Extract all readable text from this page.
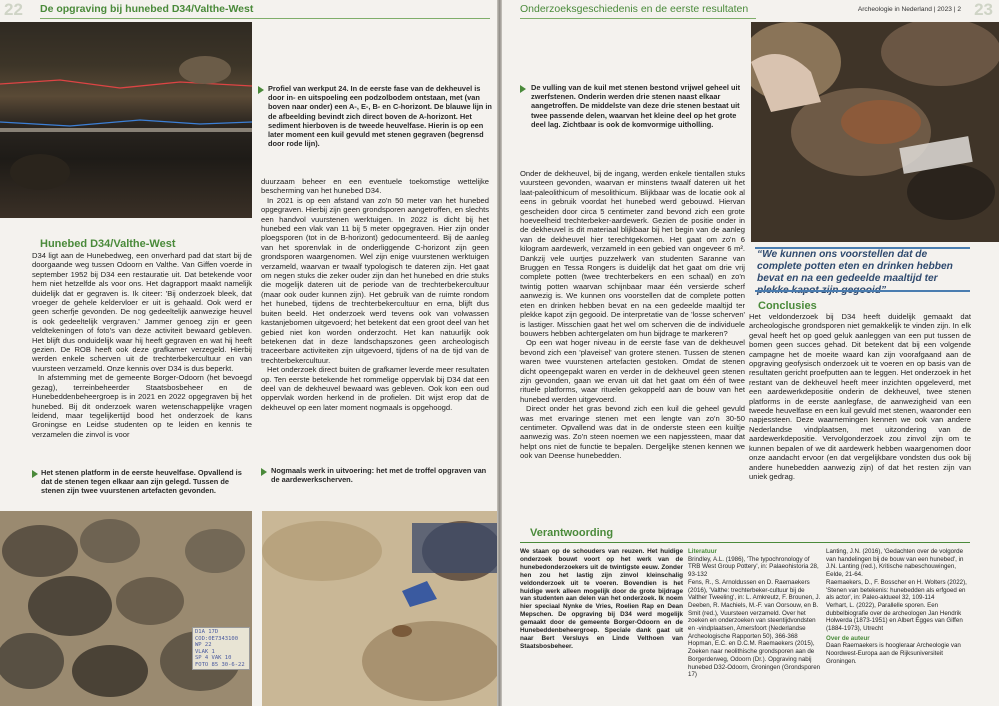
22 De opgraving bij hunebed D34/Valthe-West
Profiel van werkput 24. In de eerste fase van de dekheuvel is door in- en uitspoeling een podzolbodem ontstaan, met (van boven naar onder) een A-, E-, B- en C-horizont. De blauwe lijn in de afbeelding bevindt zich direct boven de A-horizont. Het sediment hierboven is de tweede heuvelfase. Hierin is op een later moment een kuil gevuld met stenen gegraven (begrensd door rode lijn).
Hunebed D34/Valthe-West

D34 ligt aan de Hunebedweg, een onverhard pad dat start bij de doorgaande weg tussen Odoorn en Valthe. Van Giffen voerde in september 1952 bij D34 een restauratie uit. Dat betekende voor hem niet hetzelfde als voor ons. Het dagrapport maakt namelijk duidelijk dat er gegraven is. Ik citeer: 'Bij onderzoek bleek, dat vroeger de gehele keldervloer er uit is gehaald. Ook werd er geen scherfje gevonden. De nog gedeeltelijk aanwezige heuvel is ook gedeeltelijk vergraven.' Jammer genoeg zijn er geen veldtekeningen of foto's van deze activiteit bewaard gebleven. Het blijft dus onduidelijk waar hij heeft gegraven en wat hij heeft gezien. De ROB heeft ook deze grafkamer verzegeld. Hierbij werden enkele scherven uit de trechterbekercultuur en van vuursteen verzameld. Onze kennis over D34 is dus beperkt.

In afstemming met de gemeente Borger-Odoorn (het bevoegd gezag), terreinbeheerder Staatsbosbeheer en de Hunebeddenbeheergroep is in 2021 en 2022 opgegraven bij het hunebed. Bij dit onderzoek waren wetenschappelijke vragen leidend, maar tegelijkertijd bood het onderzoek de kans Groningse en Leidse studenten op te leiden en kennis te verzamelen die zinvol is voor

duurzaam beheer en een eventuele toekomstige wettelijke bescherming van het hunebed D34.

In 2021 is op een afstand van zo'n 50 meter van het hunebed opgegraven. Hierbij zijn geen grondsporen aangetroffen, en slechts een handvol vuurstenen werktuigen. In 2022 is dicht bij het hunebed een vlak van 11 bij 5 meter opgegraven. Hier zijn onder ploegsporen (tot in de B-horizont) gedocumenteerd. Bij de aanleg van het sporenvlak in de onderliggende C-horizont zijn geen grondsporen waargenomen. Wel zijn enige vuurstenen werktuigen verzameld, waarvan er twaalf typologisch te dateren zijn. Het gaat om negen stuks die zeker ouder zijn dan het hunebed en drie stuks die mogelijk dateren uit de periode van de trechterbekercultuur (maar ook ouder kunnen zijn). Het gebruik van de ruimte rondom het hunebed, tijdens de trechterbekercultuur en erna, blijft dus buiten beeld. Het onderzoek werd tevens ook van volwassen kastanjebomen uitgevoerd; het betekent dat een groot deel van het gebied niet kon worden onderzocht. Het kan natuurlijk ook betekenen dat in deze landschapszones geen archeologisch traceerbare activiteiten zijn uitgevoerd, tijdens of na de tijd van de trechterbekercultuur.

Het onderzoek direct buiten de grafkamer leverde meer resultaten op. Ten eerste betekende het rommelige oppervlak bij D34 dat een deel van de dekheuvel bewaard was gebleven. Ook kon een oud oppervlak worden herkend in de profielen. Dit wijst erop dat de dekheuvel op een later moment nogmaals is opgehoogd.

Het stenen platform in de eerste heuvelfase. Opvallend is dat de stenen tegen elkaar aan zijn gelegd. Tussen de stenen zijn twee vuurstenen artefacten gevonden.
Nogmaals werk in uitvoering: het met de troffel opgraven van de aardewerkscherven.
D1A 17D
COD:0E7343100
WP 22
VLAK 1
SP 4 VAK 10
FOTO 85 30-6-22
Onderzoeksgeschiedenis en de eerste resultaten	Archeologie in Nederland | 2023 | 2 23
De vulling van de kuil met stenen bestond vrijwel geheel uit zwerfstenen. Onderin werden drie stenen naast elkaar aangetroffen. De middelste van deze drie stenen bestaat uit twee passende delen, waarvan het kleine deel op het grote deel lag. Zichtbaar is ook de komvormige uitholling.

Onder de dekheuvel, bij de ingang, werden enkele tientallen stuks vuursteen gevonden, waarvan er minstens twaalf dateren uit het laat-paleolithicum of mesolithicum. Blijkbaar was de locatie ook al eens in gebruik voordat het hunebed werd gebouwd. Hiervan gescheiden door circa 5 centimeter zand bevond zich een grote hoeveelheid trechterbeker-aardewerk. Gezien de positie onder in de dekheuvel is dit materiaal blijkbaar bij het begin van de aanleg van de dekheuvel hier terechtgekomen. Het gaat om zo'n 6 kilogram aardewerk, verzameld in een gebied van ongeveer 6 m². Dankzij vele uurtjes puzzelwerk van studenten Saranne van Bruggen en Tessa Rongers is duidelijk dat het gaat om drie vrij complete potten (twee trechterbekers en een schaal) en zo'n twintig potten waarvan schijnbaar maar één versierde scherf aanwezig is. We kunnen ons voorstellen dat de complete potten eten en drinken hebben bevat en na een gedeelde maaltijd ter plekke kapot zijn gegooid. De interpretatie van de 'losse scherven' is lastiger. Misschien gaat het wel om scherven die de individuele bouwers hebben achtergelaten om hun bijdrage te markeren?

Op een wat hoger niveau in de eerste fase van de dekheuvel bevond zich een 'plaveisel' van grotere stenen. Tussen de stenen waren twee vuurstenen artefacten gestoken. Omdat de stenen dicht opeengepakt waren en verder in de dekheuvel geen stenen zijn gevonden, gaan we ervan uit dat het gaat om één of twee rituele platforms, waar rituelen gekoppeld aan de bouw van het hunebed werden uitgevoerd.

Direct onder het gras bevond zich een kuil die geheel gevuld was met ervaringe stenen met een lengte van zo'n 30-50 centimeter. Opvallend was dat in de onderste steen een kuiltje aanwezig was. Zo'n steen noemen we een napjessteen, maar dat helpt ons niet de functie te bepalen. Dergelijke stenen kennen we ook van Deense hunebedden.

“We kunnen ons voorstellen dat de complete potten eten en drinken hebben bevat en na een gedeelde maaltijd ter
Conclusies

Het veldonderzoek bij D34 heeft duidelijk gemaakt dat archeologische grondsporen niet gemakkelijk te vinden zijn. In elk geval heeft het op goed geluk aanleggen van een put tussen de bomen geen succes gehad. Dit betekent dat bij een volgende campagne het de moeite waard kan zijn voorafgaand aan de opgraving geofysisch onderzoek uit te voeren en op basis van de resultaten gericht proefputten aan te leggen. Het onderzoek in het restant van de dekheuvel heeft meer inzichten opgeleverd, met een aardewerkdepositie onderin de dekheuvel, twee stenen platforms in de eerste aanlegfase, de aanwezigheid van een tweede heuvelfase en een kuil gevuld met stenen, waaronder een napjessteen. Deze waarnemingen kennen we ook van andere Nederlandse vindplaatsen, met uitzondering van de aardewerkdepositie. Vervolgonderzoek zou zinvol zijn om te kunnen bepalen of we dit aardewerk hebben waargenomen door onze aandacht ervoor (en dat vergelijkbare vondsten dus ook bij andere hunebedden aanwezig zijn) of dat het resten zijn van uniek gedrag.

Verantwoording
We staan op de schouders van reuzen. Het huidige onderzoek bouwt voort op het werk van de hunebedonderzoekers uit de twintigste eeuw. Zonder hen zou het lastig zijn zinvol kleinschalig veldonderzoek uit te voeren. Bovendien is het huidige werk alleen mogelijk door de grote bijdrage van studenten aan delen van het onderzoek. Ik noem hier speciaal Nynke de Vries, Roelien Rap en Dean Mepschen. De opgraving bij D34 werd mogelijk gemaakt door de gemeente Borger-Odoorn en de Hunebeddenbeheergroep. Speciale dank gaat uit naar Bert Versluys en Linde Velthoen van Staatsbosbeheer.
Literatuur
Brindley, A.L. (1986), 'The typochronology of TRB West Group Pottery', in: Palaeohistoria 28, 93-132
Fens, R., S. Arnoldussen en D. Raemaekers (2016), 'Valthe: trechterbeker-cultuur bij de Valther Tweeling', in: L. Amkreutz, F. Brounen, J. Deeben, R. Machiels, M.-F. van Oorsouw, en B. Smit (red.), Vuursteen verzameld. Over het zoeken en onderzoeken van steentijdvondsten en -vindplaatsen, Amersfoort (Nederlandse Archeologische Rapporten 50), 366-368
Hopman, E.C. en D.C.M. Raemaekers (2015), Zoeken naar neolithische grondsporen aan de Borgerderweg, Odoorn (Dr.). Opgraving nabij hunebed D32-Odoorn, Groningen (Grondsporen 17)
Lanting, J.N. (2016), 'Gedachten over de volgorde van handelingen bij de bouw van een hunebed', in J.N. Lanting (red.), Kritische nabeschouwingen, Eelde, 21-64.
Raemaekers, D., F. Bosscher en H. Wolters (2022), 'Stenen van betekenis: hunebedden als erfgoed en als actor', in: Paleo-aktueel 32, 109-114
Verhart, L. (2022), Parallelle sporen. Een dubbelbiografie over de archeologen Jan Hendrik Holwerda (1873-1951) en Albert Egges van Giffen (1884-1973), Utrecht
Over de auteur
Daan Raemaekers is hoogleraar Archeologie van Noordwest-Europa aan de Rijksuniversiteit Groningen.
